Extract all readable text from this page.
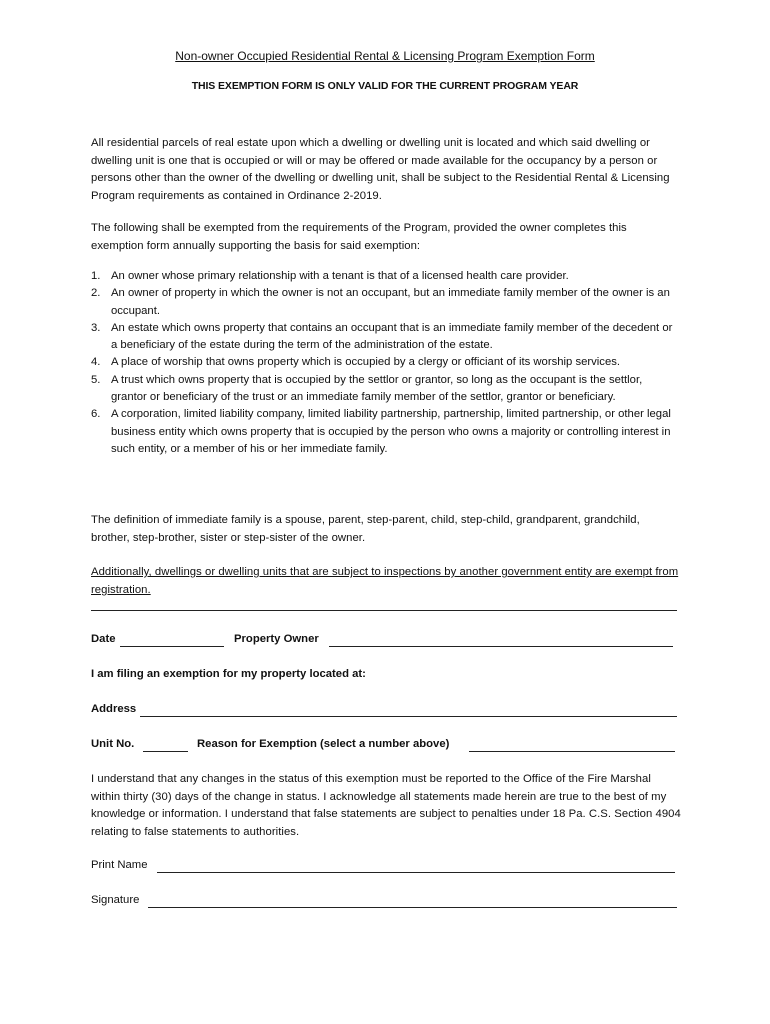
Non-owner Occupied Residential Rental & Licensing Program Exemption Form
THIS EXEMPTION FORM IS ONLY VALID FOR THE CURRENT PROGRAM YEAR
All residential parcels of real estate upon which a dwelling or dwelling unit is located and which said dwelling or dwelling unit is one that is occupied or will or may be offered or made available for the occupancy by a person or persons other than the owner of the dwelling or dwelling unit, shall be subject to the Residential Rental & Licensing Program requirements as contained in Ordinance 2-2019.
The following shall be exempted from the requirements of the Program, provided the owner completes this exemption form annually supporting the basis for said exemption:
1. An owner whose primary relationship with a tenant is that of a licensed health care provider.
2. An owner of property in which the owner is not an occupant, but an immediate family member of the owner is an occupant.
3. An estate which owns property that contains an occupant that is an immediate family member of the decedent or a beneficiary of the estate during the term of the administration of the estate.
4. A place of worship that owns property which is occupied by a clergy or officiant of its worship services.
5. A trust which owns property that is occupied by the settlor or grantor, so long as the occupant is the settlor, grantor or beneficiary of the trust or an immediate family member of the settlor, grantor or beneficiary.
6. A corporation, limited liability company, limited liability partnership, partnership, limited partnership, or other legal business entity which owns property that is occupied by the person who owns a majority or controlling interest in such entity, or a member of his or her immediate family.
The definition of immediate family is a spouse, parent, step-parent, child, step-child, grandparent, grandchild, brother, step-brother, sister or step-sister of the owner.
Additionally, dwellings or dwelling units that are subject to inspections by another government entity are exempt from registration.
Date	Property Owner
I am filing an exemption for my property located at:
Address
Unit No.	Reason for Exemption (select a number above)
I understand that any changes in the status of this exemption must be reported to the Office of the Fire Marshal within thirty (30) days of the change in status. I acknowledge all statements made herein are true to the best of my knowledge or information. I understand that false statements are subject to penalties under 18 Pa. C.S. Section 4904 relating to false statements to authorities.
Print Name
Signature
